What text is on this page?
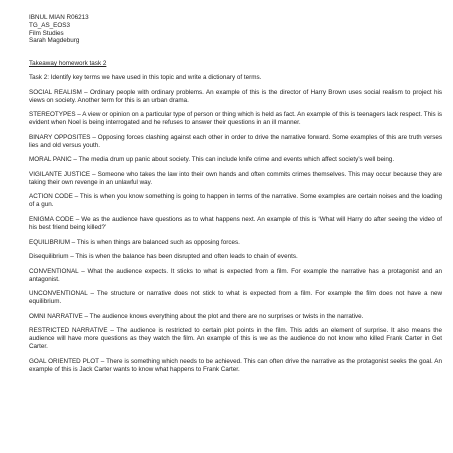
IBNUL MIAN R06213
TG_AS_EOS3
Film Studies
Sarah Magdeburg

Takeaway homework task 2

Task 2: Identify key terms we have used in this topic and write a dictionary of terms.

SOCIAL REALISM – Ordinary people with ordinary problems. An example of this is the director of Harry Brown uses social realism to project his views on society. Another term for this is an urban drama.

STEREOTYPES – A view or opinion on a particular type of person or thing which is held as fact. An example of this is teenagers lack respect. This is evident when Noel is being interrogated and he refuses to answer their questions in an ill manner.

BINARY OPPOSITES – Opposing forces clashing against each other in order to drive the narrative forward. Some examples of this are truth verses lies and old versus youth.

MORAL PANIC – The media drum up panic about society. This can include knife crime and events which affect society’s well being.

VIGILANTE JUSTICE – Someone who takes the law into their own hands and often commits crimes themselves. This may occur because they are taking their own revenge in an unlawful way.

ACTION CODE – This is when you know something is going to happen in terms of the narrative. Some examples are certain noises and the loading of a gun.

ENIGMA CODE – We as the audience have questions as to what happens next. An example of this is ‘What will Harry do after seeing the video of his best friend being killed?’

EQUILIBRIUM – This is when things are balanced such as opposing forces.

Disequilibrium – This is when the balance has been disrupted and often leads to chain of events.

CONVENTIONAL – What the audience expects. It sticks to what is expected from a film. For example the narrative has a protagonist and an antagonist.

UNCONVENTIONAL – The structure or narrative does not stick to what is expected from a film. For example the film does not have a new equilibrium.

OMNI NARRATIVE – The audience knows everything about the plot and there are no surprises or twists in the narrative.

RESTRICTED NARRATIVE – The audience is restricted to certain plot points in the film. This adds an element of surprise. It also means the audience will have more questions as they watch the film. An example of this is we as the audience do not know who killed Frank Carter in Get Carter.

GOAL ORIENTED PLOT – There is something which needs to be achieved. This can often drive the narrative as the protagonist seeks the goal. An example of this is Jack Carter wants to know what happens to Frank Carter.
